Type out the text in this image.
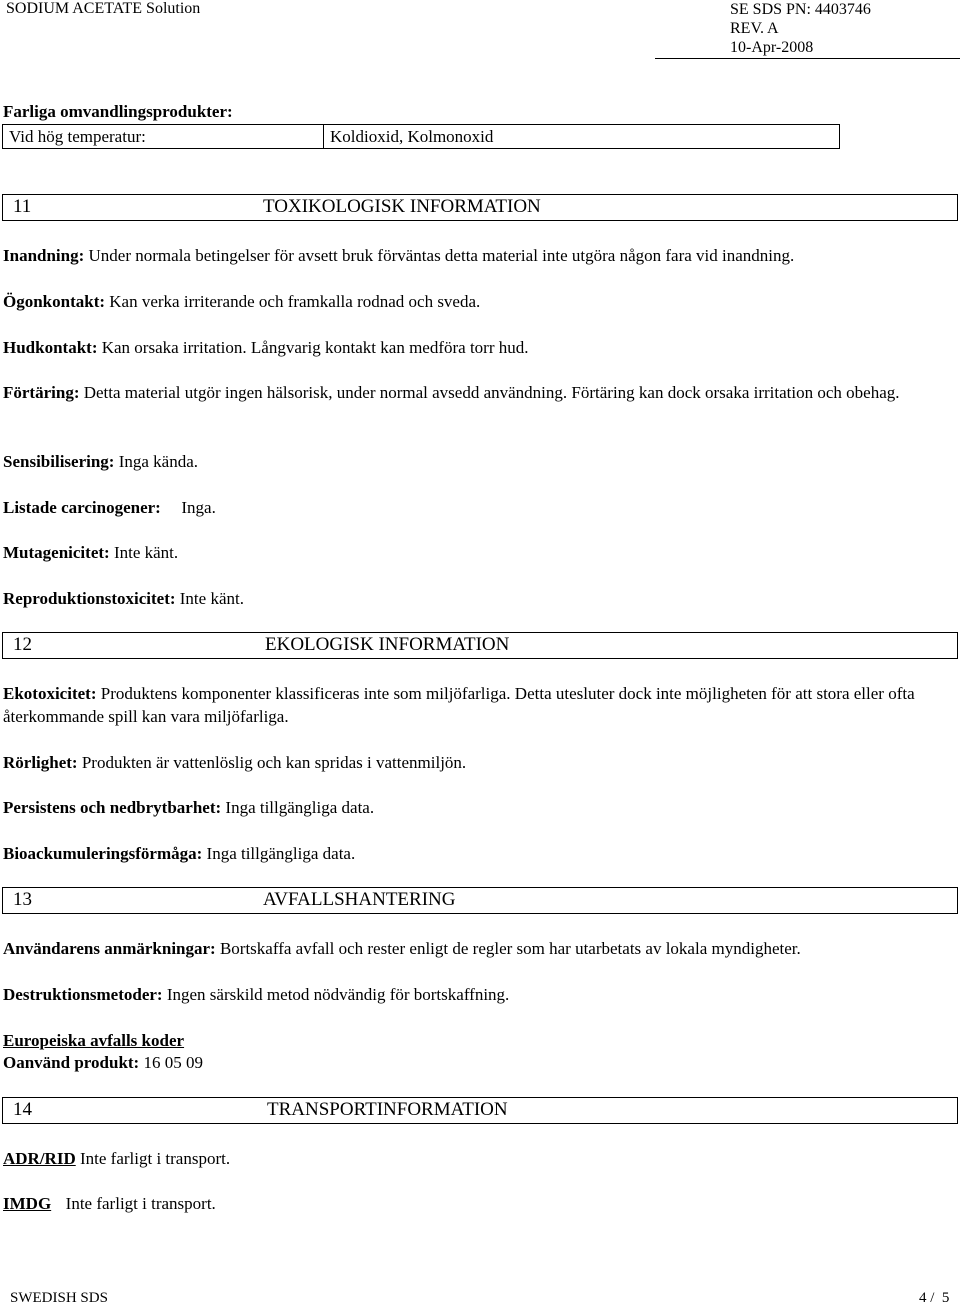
SODIUM ACETATE Solution	SE SDS PN: 4403746
REV. A
10-Apr-2008
Farliga omvandlingsprodukter:
Vid hög temperatur:	Koldioxid, Kolmonoxid
11	TOXIKOLOGISK INFORMATION
Inandning: Under normala betingelser för avsett bruk förväntas detta material inte utgöra någon fara vid inandning.
Ögonkontakt: Kan verka irriterande och framkalla rodnad och sveda.
Hudkontakt: Kan orsaka irritation. Långvarig kontakt kan medföra torr hud.
Förtäring: Detta material utgör ingen hälsorisk, under normal avsedd användning. Förtäring kan dock orsaka irritation och obehag.
Sensibilisering: Inga kända.
Listade carcinogener: Inga.
Mutagenicitet: Inte känt.
Reproduktionstoxicitet: Inte känt.
12	EKOLOGISK INFORMATION
Ekotoxicitet: Produktens komponenter klassificeras inte som miljöfarliga. Detta utesluter dock inte möjligheten för att stora eller ofta återkommande spill kan vara miljöfarliga.
Rörlighet: Produkten är vattenlöslig och kan spridas i vattenmiljön.
Persistens och nedbrytbarhet: Inga tillgängliga data.
Bioackumuleringsförmåga: Inga tillgängliga data.
13	AVFALLSHANTERING
Användarens anmärkningar: Bortskaffa avfall och rester enligt de regler som har utarbetats av lokala myndigheter.
Destruktionsmetoder: Ingen särskild metod nödvändig för bortskaffning.
Europeiska avfalls koder
Oanvänd produkt: 16 05 09
14	TRANSPORTINFORMATION
ADR/RID Inte farligt i transport.
IMDG Inte farligt i transport.
SWEDISH SDS	4 /  5
